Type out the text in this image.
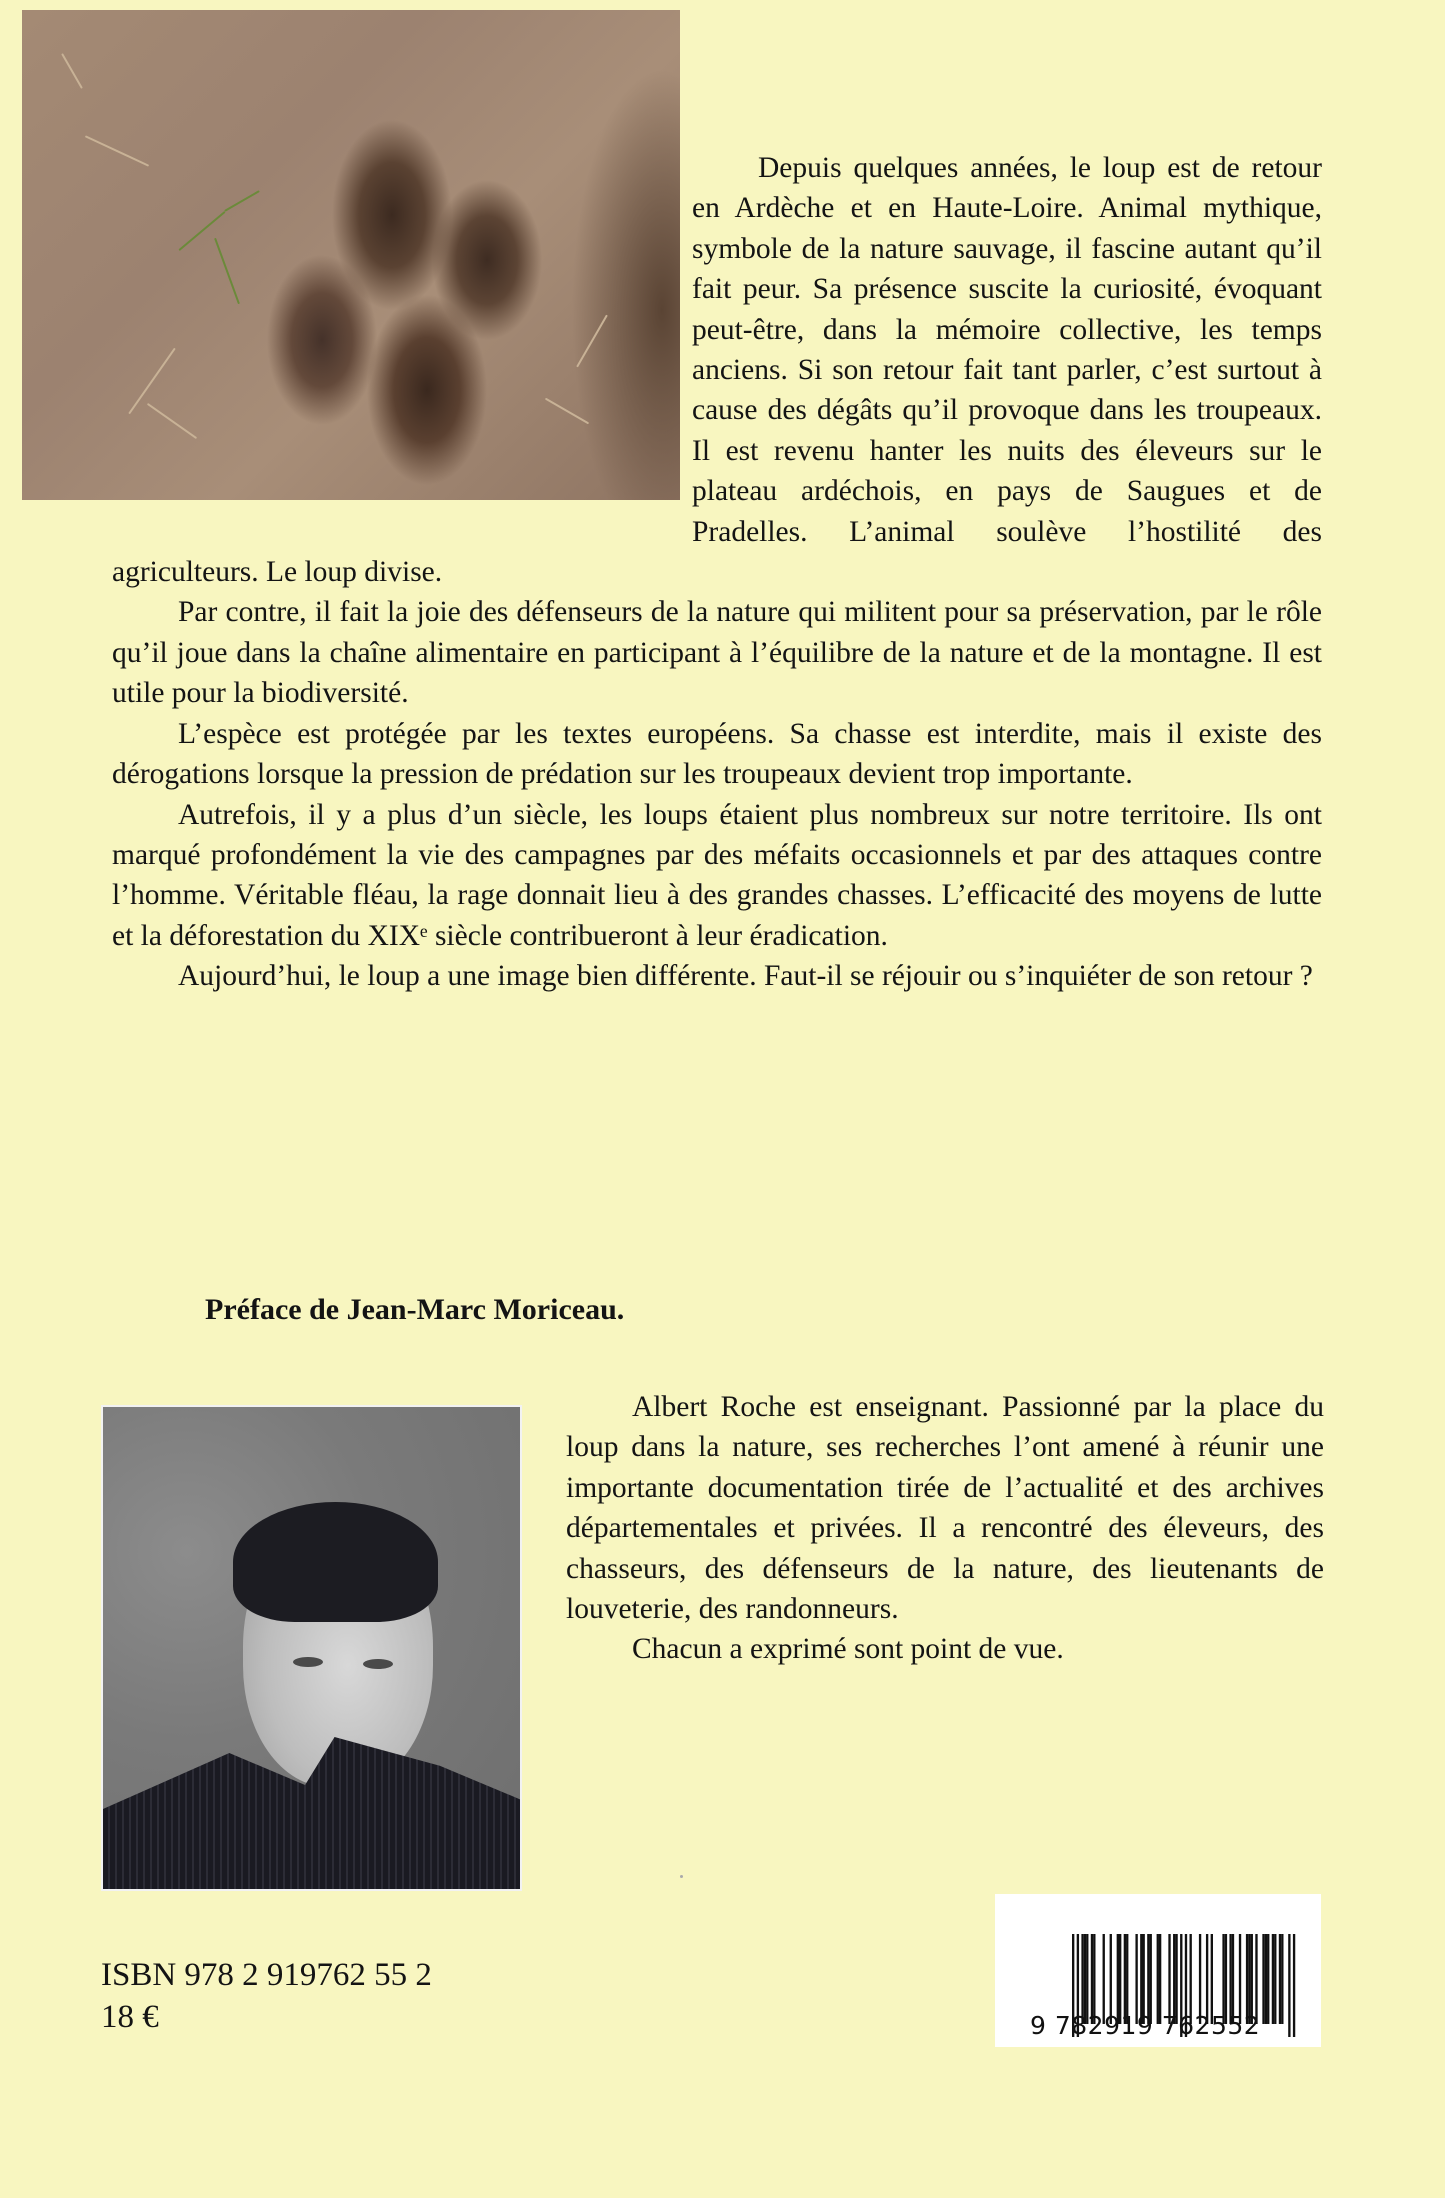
Depuis quelques années, le loup est de retour en Ardèche et en Haute-Loire. Animal mythique, symbole de la nature sauvage, il fascine autant qu’il fait peur. Sa présence suscite la curiosité, évoquant peut-être, dans la mémoire collective, les temps anciens. Si son retour fait tant parler, c’est surtout à cause des dégâts qu’il provoque dans les troupeaux. Il est revenu hanter les nuits des éleveurs sur le plateau ardéchois, en pays de Saugues et de Pradelles. L’animal soulève l’hostilité des agriculteurs. Le loup divise.

Par contre, il fait la joie des défenseurs de la nature qui militent pour sa préservation, par le rôle qu’il joue dans la chaîne alimentaire en participant à l’équilibre de la nature et de la montagne. Il est utile pour la biodiversité.

L’espèce est protégée par les textes européens. Sa chasse est interdite, mais il existe des dérogations lorsque la pression de prédation sur les troupeaux devient trop importante.

Autrefois, il y a plus d’un siècle, les loups étaient plus nombreux sur notre territoire. Ils ont marqué profondément la vie des campagnes par des méfaits occasionnels et par des attaques contre l’homme. Véritable fléau, la rage donnait lieu à des grandes chasses. L’efficacité des moyens de lutte et la déforestation du XIXᵉ siècle contribueront à leur éradication.

Aujourd’hui, le loup a une image bien différente. Faut-il se réjouir ou s’inquiéter de son retour ?

Préface de Jean-Marc Moriceau.

Albert Roche est enseignant. Passionné par la place du loup dans la nature, ses recherches l’ont amené à réunir une importante documentation tirée de l’actualité et des archives départementales et privées. Il a rencontré des éleveurs, des chasseurs, des défenseurs de la nature, des lieutenants de louveterie, des randonneurs.

Chacun a exprimé sont point de vue.

ISBN 978 2 919762 55 2
18 €	9 782919 762552
